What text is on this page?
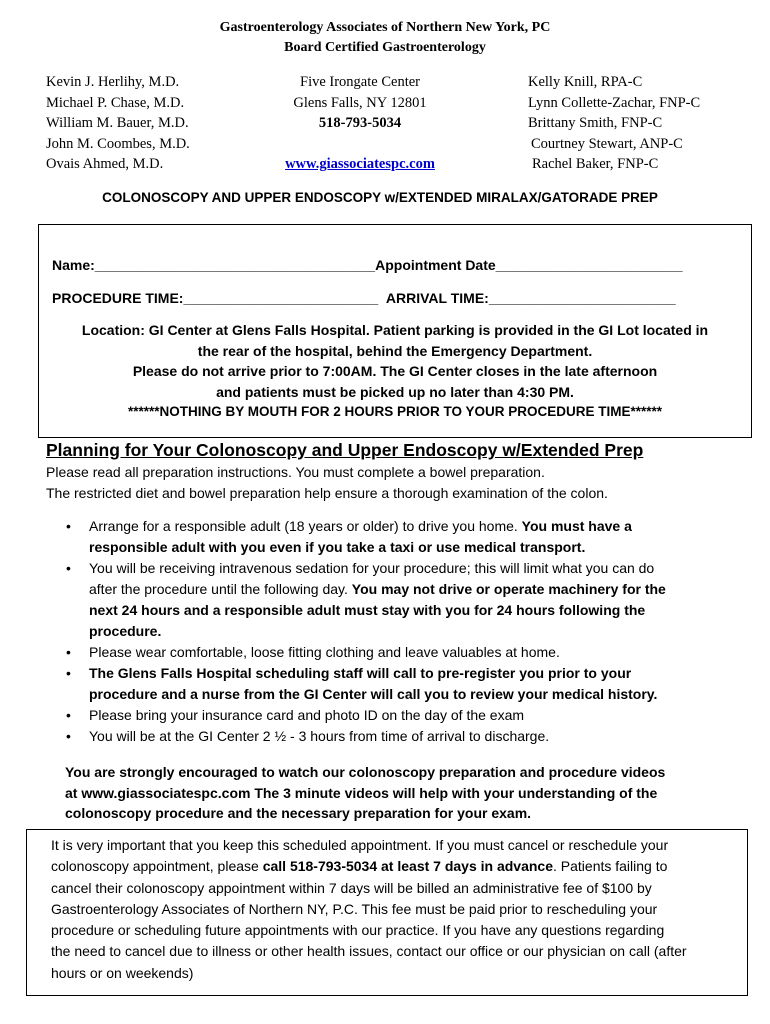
Gastroenterology Associates of Northern New York, PC
Board Certified Gastroenterology
Kevin J. Herlihy, M.D.
Michael P. Chase, M.D.
William M. Bauer, M.D.
John M. Coombes, M.D.
Ovais Ahmed, M.D.
Five Irongate Center
Glens Falls, NY 12801
518-793-5034

www.giassociatespc.com
Kelly Knill, RPA-C
Lynn Collette-Zachar, FNP-C
Brittany Smith, FNP-C
Courtney Stewart, ANP-C
Rachel Baker, FNP-C
COLONOSCOPY AND UPPER ENDOSCOPY w/EXTENDED MIRALAX/GATORADE PREP
Name:____________________________________Appointment Date________________________
PROCEDURE TIME:_________________________ ARRIVAL TIME:________________________
Location: GI Center at Glens Falls Hospital. Patient parking is provided in the GI Lot located in
the rear of the hospital, behind the Emergency Department.
Please do not arrive prior to 7:00AM. The GI Center closes in the late afternoon
and patients must be picked up no later than 4:30 PM.
******NOTHING BY MOUTH FOR 2 HOURS PRIOR TO YOUR PROCEDURE TIME******
Planning for Your Colonoscopy and Upper Endoscopy w/Extended Prep
Please read all preparation instructions. You must complete a bowel preparation.
The restricted diet and bowel preparation help ensure a thorough examination of the colon.
• Arrange for a responsible adult (18 years or older) to drive you home. You must have a
responsible adult with you even if you take a taxi or use medical transport.
• You will be receiving intravenous sedation for your procedure; this will limit what you can do
after the procedure until the following day. You may not drive or operate machinery for the
next 24 hours and a responsible adult must stay with you for 24 hours following the
procedure.
• Please wear comfortable, loose fitting clothing and leave valuables at home.
• The Glens Falls Hospital scheduling staff will call to pre-register you prior to your
procedure and a nurse from the GI Center will call you to review your medical history.
• Please bring your insurance card and photo ID on the day of the exam
• You will be at the GI Center 2 ½ - 3 hours from time of arrival to discharge.
You are strongly encouraged to watch our colonoscopy preparation and procedure videos
at www.giassociatespc.com The 3 minute videos will help with your understanding of the
colonoscopy procedure and the necessary preparation for your exam.
It is very important that you keep this scheduled appointment. If you must cancel or reschedule your
colonoscopy appointment, please call 518-793-5034 at least 7 days in advance. Patients failing to
cancel their colonoscopy appointment within 7 days will be billed an administrative fee of $100 by
Gastroenterology Associates of Northern NY, P.C. This fee must be paid prior to rescheduling your
procedure or scheduling future appointments with our practice. If you have any questions regarding
the need to cancel due to illness or other health issues, contact our office or our physician on call (after
hours or on weekends)
